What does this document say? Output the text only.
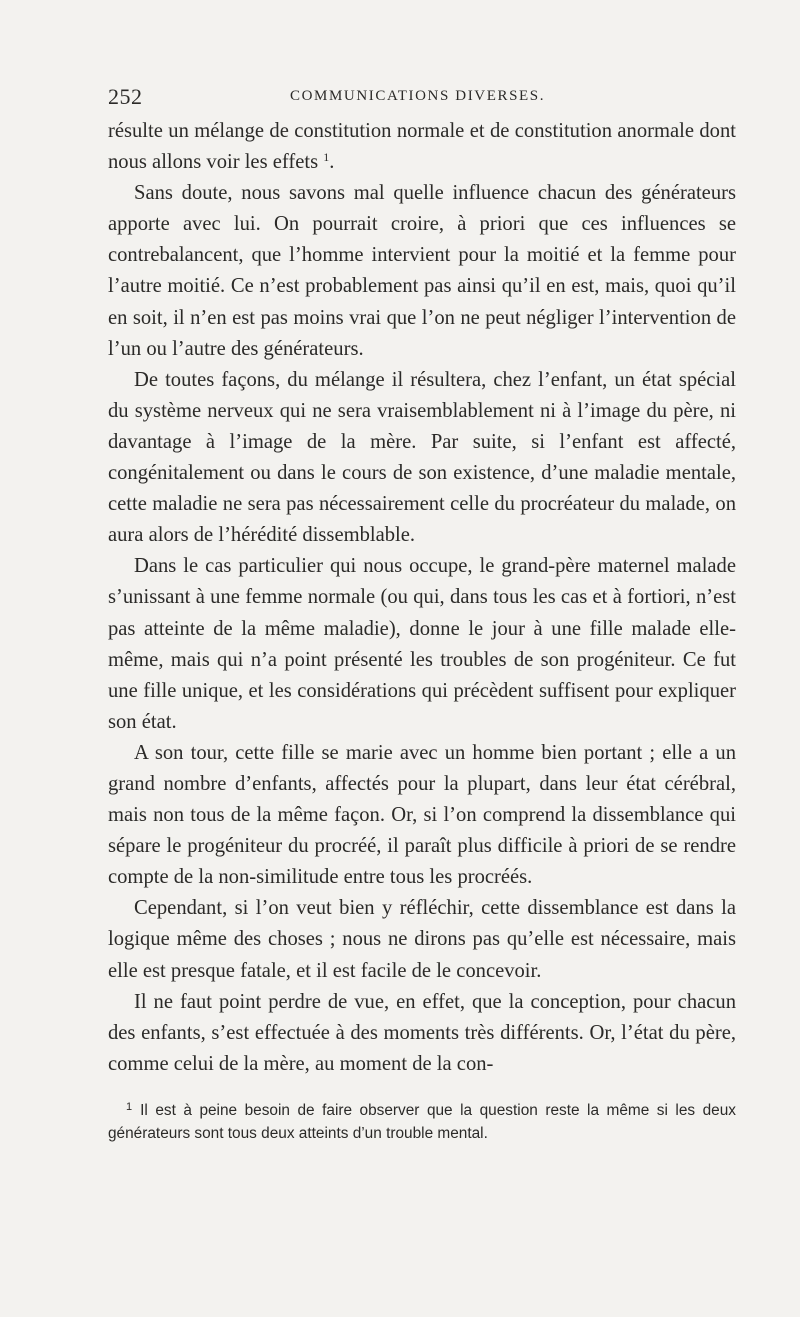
252	COMMUNICATIONS DIVERSES.

résulte un mélange de constitution normale et de constitution anormale dont nous allons voir les effets $^1$.

Sans doute, nous savons mal quelle influence chacun des générateurs apporte avec lui. On pourrait croire, à priori que ces influences se contrebalancent, que l’homme intervient pour la moitié et la femme pour l’autre moitié. Ce n’est probablement pas ainsi qu’il en est, mais, quoi qu’il en soit, il n’en est pas moins vrai que l’on ne peut négliger l’intervention de l’un ou l’autre des générateurs.

De toutes façons, du mélange il résultera, chez l’enfant, un état spécial du système nerveux qui ne sera vraisemblablement ni à l’image du père, ni davantage à l’image de la mère. Par suite, si l’enfant est affecté, congénitalement ou dans le cours de son existence, d’une maladie mentale, cette maladie ne sera pas nécessairement celle du procréateur du malade, on aura alors de l’hérédité dissemblable.

Dans le cas particulier qui nous occupe, le grand-père maternel malade s’unissant à une femme normale (ou qui, dans tous les cas et à fortiori, n’est pas atteinte de la même maladie), donne le jour à une fille malade elle-même, mais qui n’a point présenté les troubles de son progéniteur. Ce fut une fille unique, et les considérations qui précèdent suffisent pour expliquer son état.

A son tour, cette fille se marie avec un homme bien portant ; elle a un grand nombre d’enfants, affectés pour la plupart, dans leur état cérébral, mais non tous de la même façon. Or, si l’on comprend la dissemblance qui sépare le progéniteur du procréé, il paraît plus difficile à priori de se rendre compte de la non-similitude entre tous les procréés.

Cependant, si l’on veut bien y réfléchir, cette dissemblance est dans la logique même des choses ; nous ne dirons pas qu’elle est nécessaire, mais elle est presque fatale, et il est facile de le concevoir.

Il ne faut point perdre de vue, en effet, que la conception, pour chacun des enfants, s’est effectuée à des moments très différents. Or, l’état du père, comme celui de la mère, au moment de la con-

$^1$ Il est à peine besoin de faire observer que la question reste la même si les deux générateurs sont tous deux atteints d’un trouble mental.
